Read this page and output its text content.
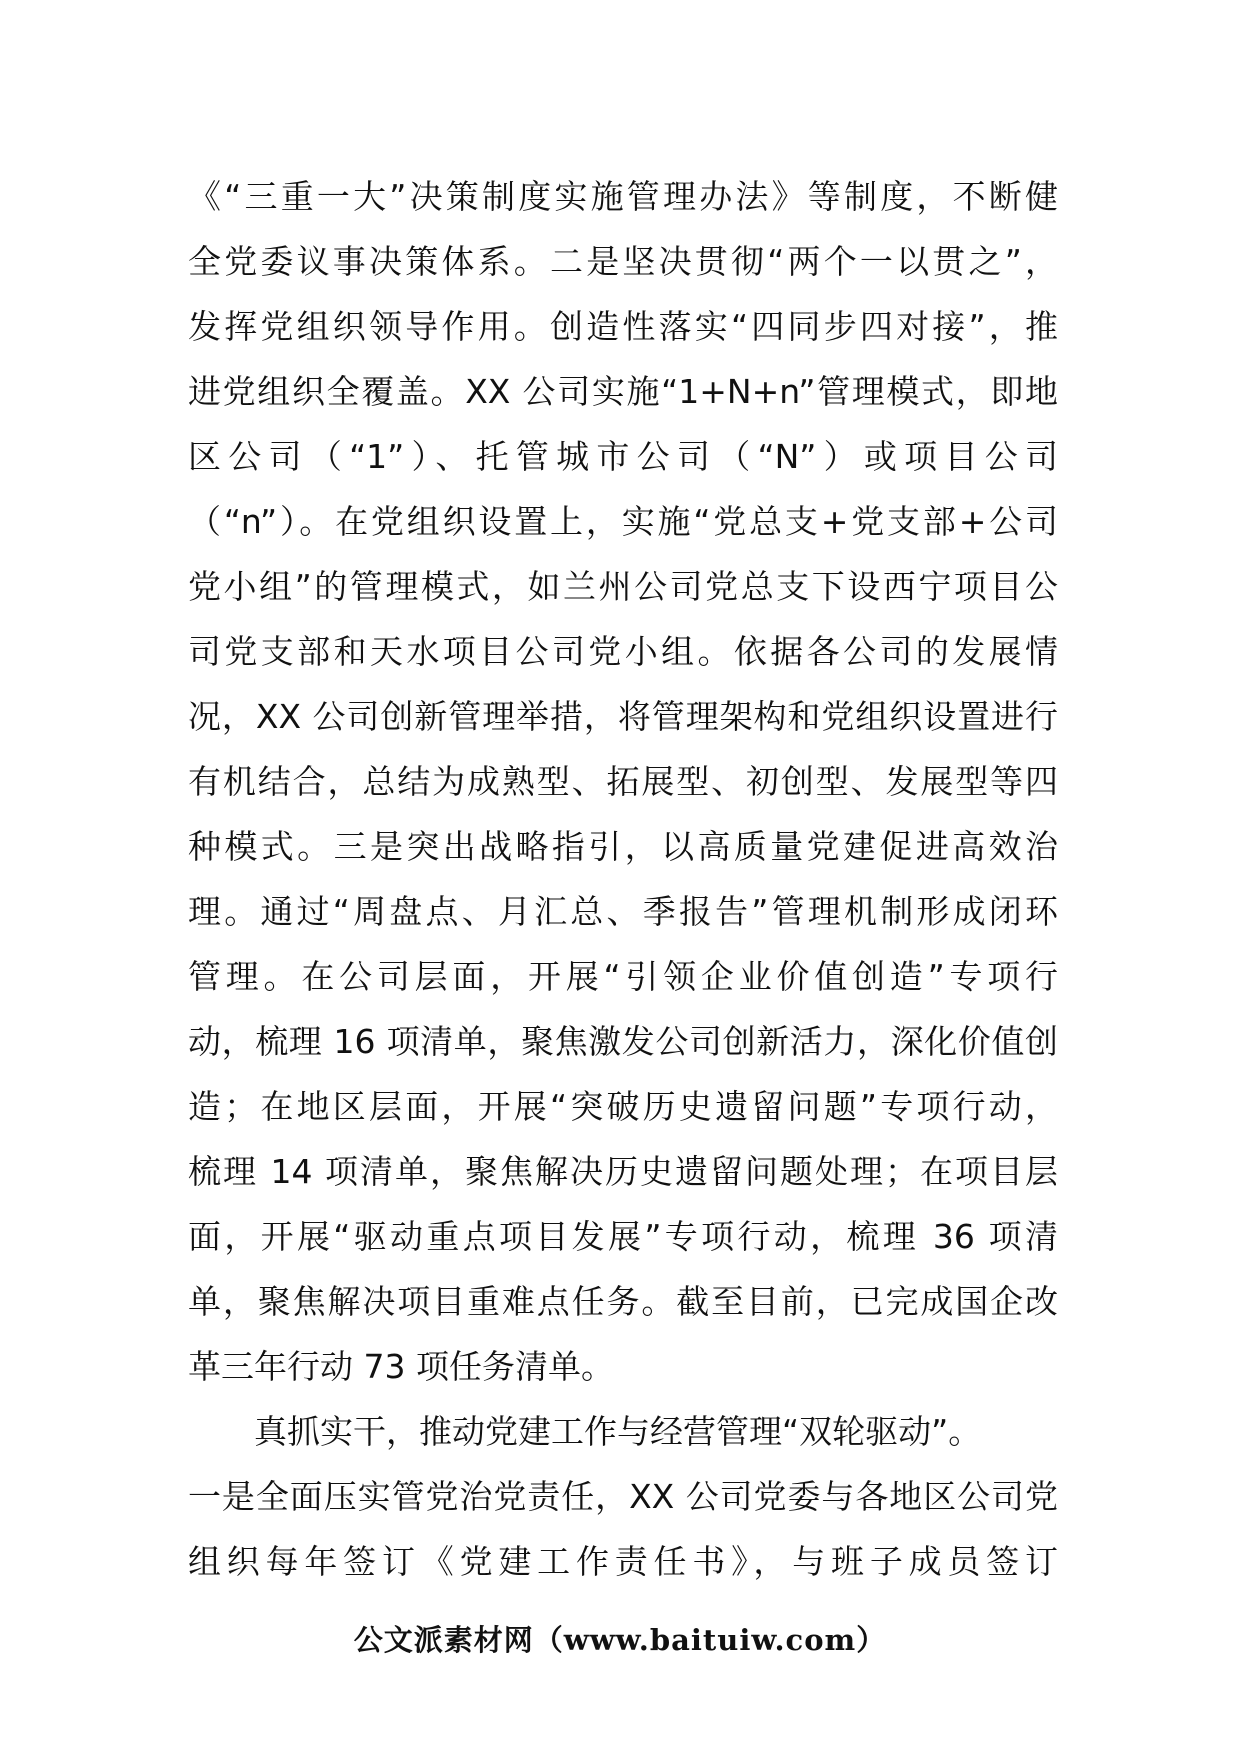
《“三重一大”决策制度实施管理办法》等制度，不断健
全党委议事决策体系。二是坚决贯彻“两个一以贯之”，
发挥党组织领导作用。创造性落实“四同步四对接”，推
进党组织全覆盖。XX 公司实施“1+N+n”管理模式，即地
区公司（“1”）、托管城市公司（“N”）或项目公司
（“n”）。在党组织设置上，实施“党总支+党支部+公司
党小组”的管理模式，如兰州公司党总支下设西宁项目公
司党支部和天水项目公司党小组。依据各公司的发展情
况，XX 公司创新管理举措，将管理架构和党组织设置进行
有机结合，总结为成熟型、拓展型、初创型、发展型等四
种模式。三是突出战略指引，以高质量党建促进高效治
理。通过“周盘点、月汇总、季报告”管理机制形成闭环
管理。在公司层面，开展“引领企业价值创造”专项行
动，梳理 16 项清单，聚焦激发公司创新活力，深化价值创
造；在地区层面，开展“突破历史遗留问题”专项行动，
梳理 14 项清单，聚焦解决历史遗留问题处理；在项目层
面，开展“驱动重点项目发展”专项行动，梳理 36 项清
单，聚焦解决项目重难点任务。截至目前，已完成国企改
革三年行动 73 项任务清单。
真抓实干，推动党建工作与经营管理“双轮驱动”。
一是全面压实管党治党责任，XX 公司党委与各地区公司党
组织每年签订《党建工作责任书》，与班子成员签订
公文派素材网（www.baituiw.com）
